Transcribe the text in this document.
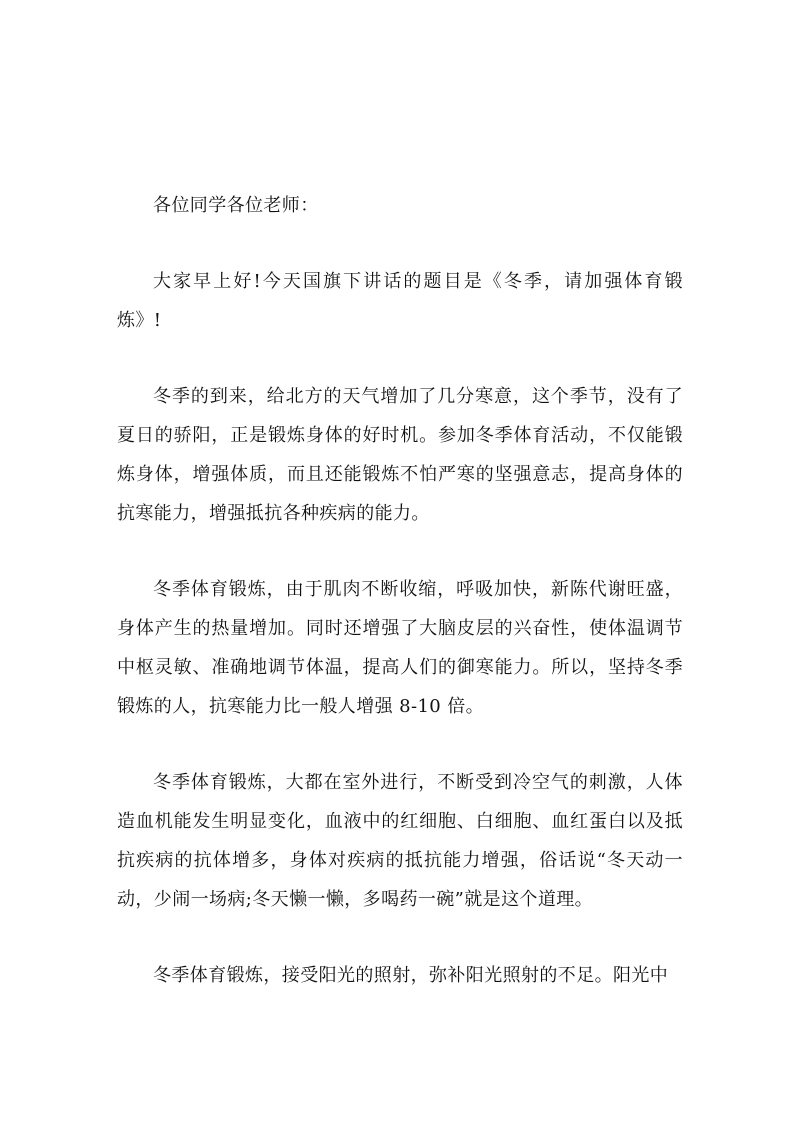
各位同学各位老师：

大家早上好!今天国旗下讲话的题目是《冬季，请加强体育锻炼》!

冬季的到来，给北方的天气增加了几分寒意，这个季节，没有了夏日的骄阳，正是锻炼身体的好时机。参加冬季体育活动，不仅能锻炼身体，增强体质，而且还能锻炼不怕严寒的坚强意志，提高身体的抗寒能力，增强抵抗各种疾病的能力。

冬季体育锻炼，由于肌肉不断收缩，呼吸加快，新陈代谢旺盛，身体产生的热量增加。同时还增强了大脑皮层的兴奋性，使体温调节中枢灵敏、准确地调节体温，提高人们的御寒能力。所以，坚持冬季锻炼的人，抗寒能力比一般人增强 8-10 倍。

冬季体育锻炼，大都在室外进行，不断受到冷空气的刺激，人体造血机能发生明显变化，血液中的红细胞、白细胞、血红蛋白以及抵抗疾病的抗体增多，身体对疾病的抵抗能力增强，俗话说“冬天动一动，少闹一场病;冬天懒一懒，多喝药一碗”就是这个道理。

冬季体育锻炼，接受阳光的照射，弥补阳光照射的不足。阳光中
